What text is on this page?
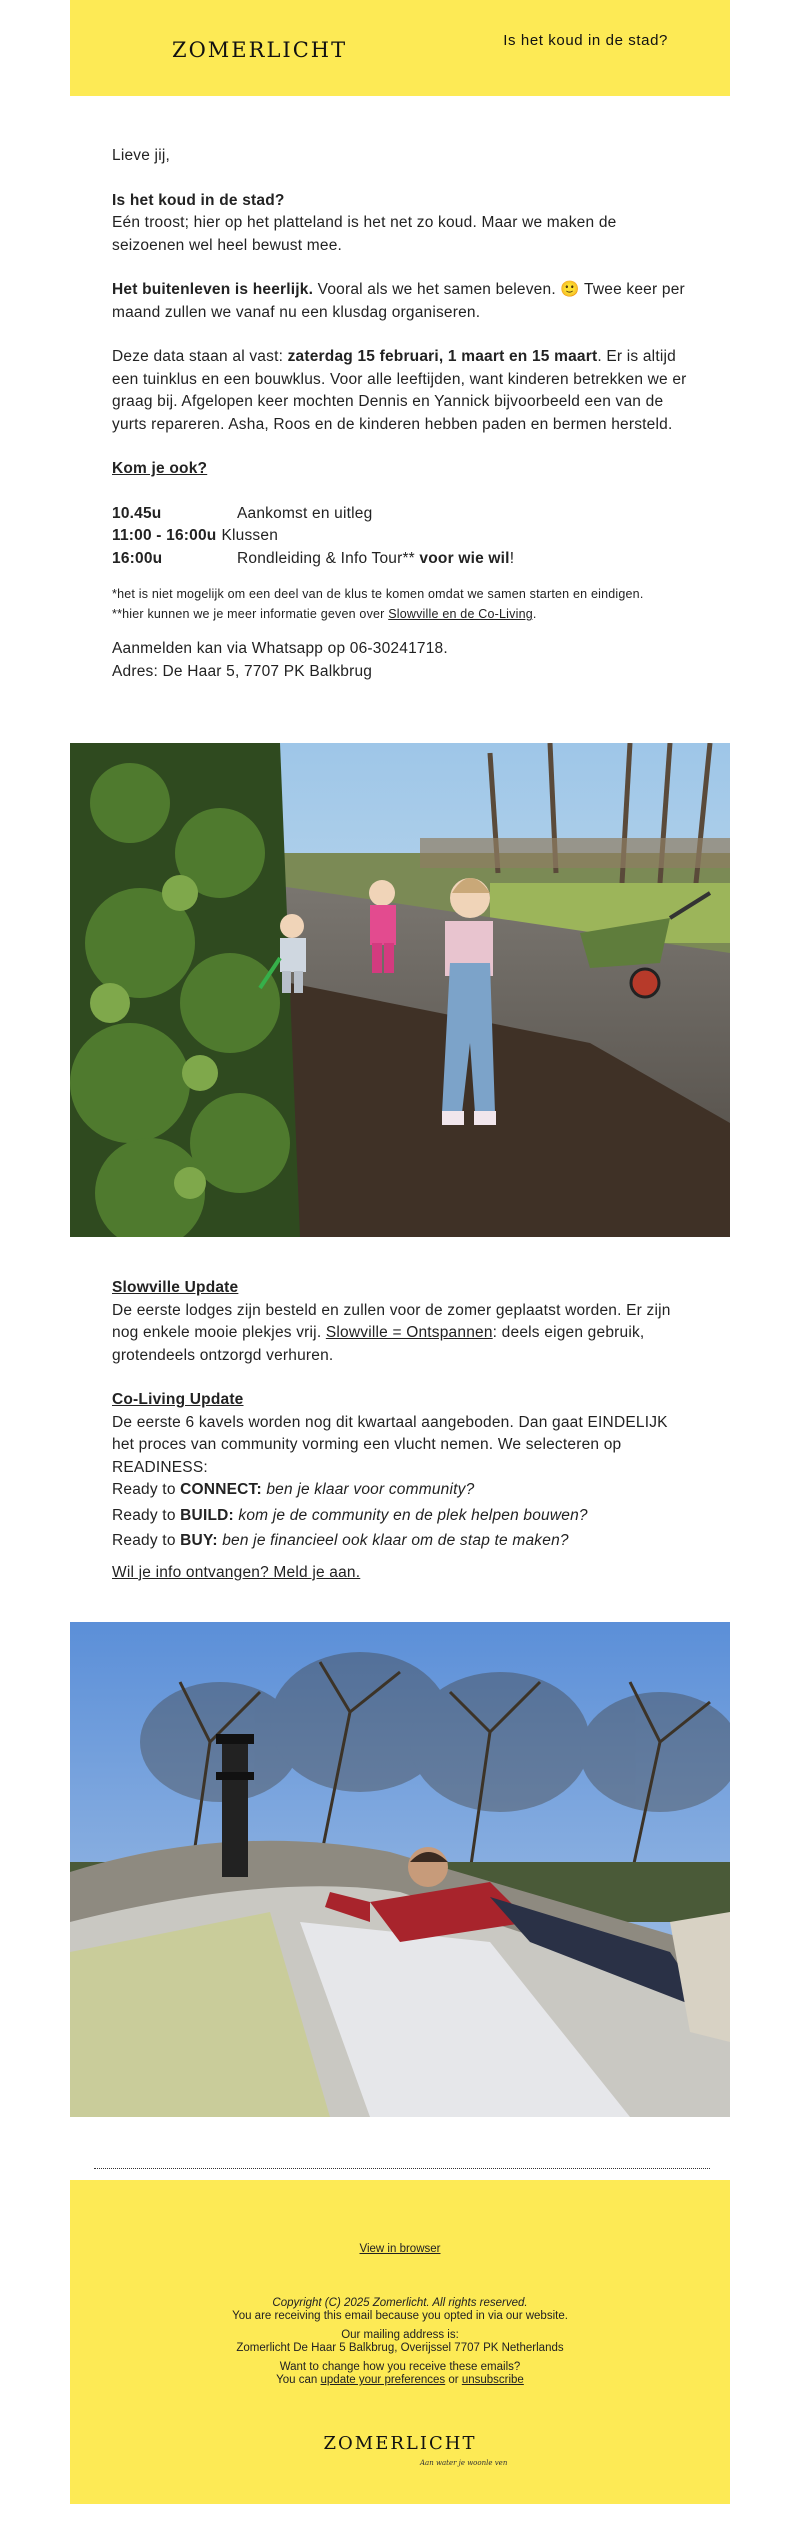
ZOMERLICHT	Is het koud in de stad?

Lieve jij,

Is het koud in de stad?

Eén troost; hier op het platteland is het net zo koud. Maar we maken de seizoenen wel heel bewust mee.

Het buitenleven is heerlijk. Vooral als we het samen beleven. 🙂 Twee keer per maand zullen we vanaf nu een klusdag organiseren.

Deze data staan al vast: zaterdag 15 februari, 1 maart en 15 maart. Er is altijd een tuinklus en een bouwklus. Voor alle leeftijden, want kinderen betrekken we er graag bij. Afgelopen keer mochten Dennis en Yannick bijvoorbeeld een van de yurts repareren. Asha, Roos en de kinderen hebben paden en bermen hersteld.

Kom je ook?

10.45u	Aankomst en uitleg
11:00 - 16:00u Klussen
16:00u	Rondleiding & Info Tour** voor wie wil!

*het is niet mogelijk om een deel van de klus te komen omdat we samen starten en eindigen.

**hier kunnen we je meer informatie geven over Slowville en de Co-Living.

Aanmelden kan via Whatsapp op 06-30241718.

Adres: De Haar 5, 7707 PK Balkbrug

Slowville Update

De eerste lodges zijn besteld en zullen voor de zomer geplaatst worden. Er zijn nog enkele mooie plekjes vrij. Slowville = Ontspannen: deels eigen gebruik, grotendeels ontzorgd verhuren.

Co-Living Update

De eerste 6 kavels worden nog dit kwartaal aangeboden. Dan gaat EINDELIJK het proces van community vorming een vlucht nemen. We selecteren op READINESS:

Ready to CONNECT: ben je klaar voor community?

Ready to BUILD: kom je de community en de plek helpen bouwen?

Ready to BUY: ben je financieel ook klaar om de stap te maken?

Wil je info ontvangen? Meld je aan.

View in browser
Copyright (C) 2025 Zomerlicht. All rights reserved.
You are receiving this email because you opted in via our website.
Our mailing address is:
Zomerlicht De Haar 5 Balkbrug, Overijssel 7707 PK Netherlands
Want to change how you receive these emails?
You can update your preferences or unsubscribe
ZOMERLICHT
Aan water je woonle ven
